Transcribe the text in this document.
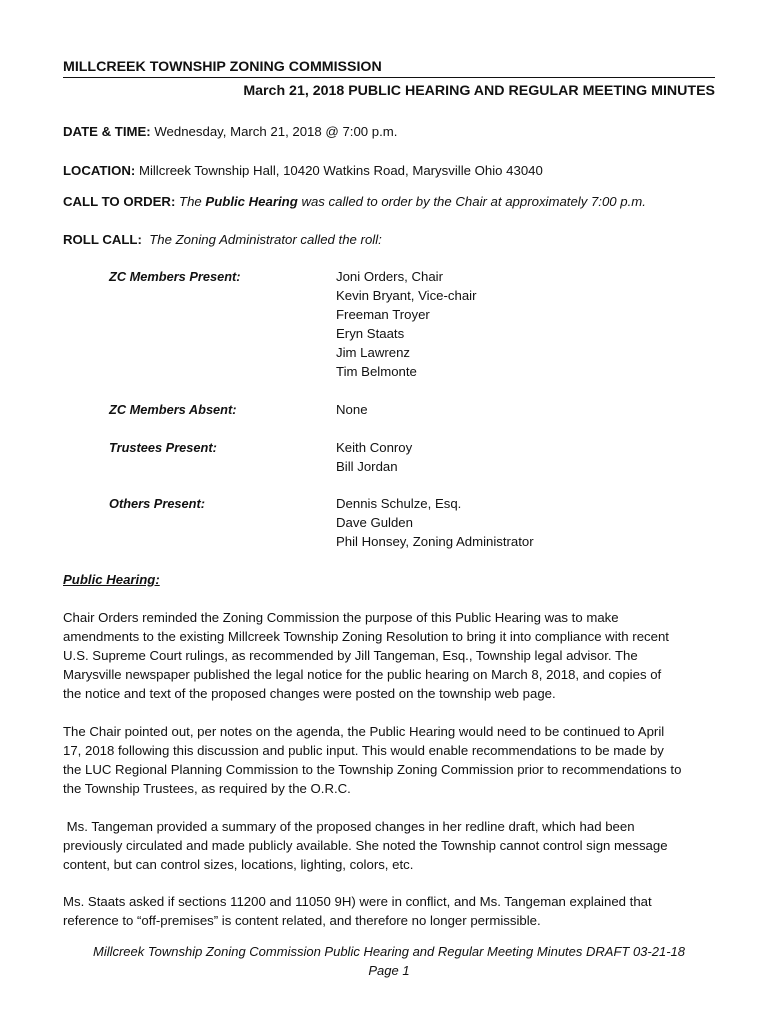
MILLCREEK TOWNSHIP ZONING COMMISSION
March 21, 2018 PUBLIC HEARING AND REGULAR MEETING MINUTES
DATE & TIME: Wednesday, March 21, 2018 @ 7:00 p.m.
LOCATION: Millcreek Township Hall, 10420 Watkins Road, Marysville Ohio 43040
CALL TO ORDER: The Public Hearing was called to order by the Chair at approximately 7:00 p.m.
ROLL CALL: The Zoning Administrator called the roll:
ZC Members Present:	Joni Orders, Chair
Kevin Bryant, Vice-chair
Freeman Troyer
Eryn Staats
Jim Lawrenz
Tim Belmonte
ZC Members Absent:	None
Trustees Present:	Keith Conroy
Bill Jordan
Others Present:	Dennis Schulze, Esq.
Dave Gulden
Phil Honsey, Zoning Administrator
Public Hearing:
Chair Orders reminded the Zoning Commission the purpose of this Public Hearing was to make
amendments to the existing Millcreek Township Zoning Resolution to bring it into compliance with recent
U.S. Supreme Court rulings, as recommended by Jill Tangeman, Esq., Township legal advisor. The
Marysville newspaper published the legal notice for the public hearing on March 8, 2018, and copies of
the notice and text of the proposed changes were posted on the township web page.
The Chair pointed out, per notes on the agenda, the Public Hearing would need to be continued to April
17, 2018 following this discussion and public input. This would enable recommendations to be made by
the LUC Regional Planning Commission to the Township Zoning Commission prior to recommendations to
the Township Trustees, as required by the O.R.C.
Ms. Tangeman provided a summary of the proposed changes in her redline draft, which had been
previously circulated and made publicly available. She noted the Township cannot control sign message
content, but can control sizes, locations, lighting, colors, etc.
Ms. Staats asked if sections 11200 and 11050 9H) were in conflict, and Ms. Tangeman explained that
reference to “off-premises” is content related, and therefore no longer permissible.
Millcreek Township Zoning Commission Public Hearing and Regular Meeting Minutes DRAFT 03-21-18
Page 1
